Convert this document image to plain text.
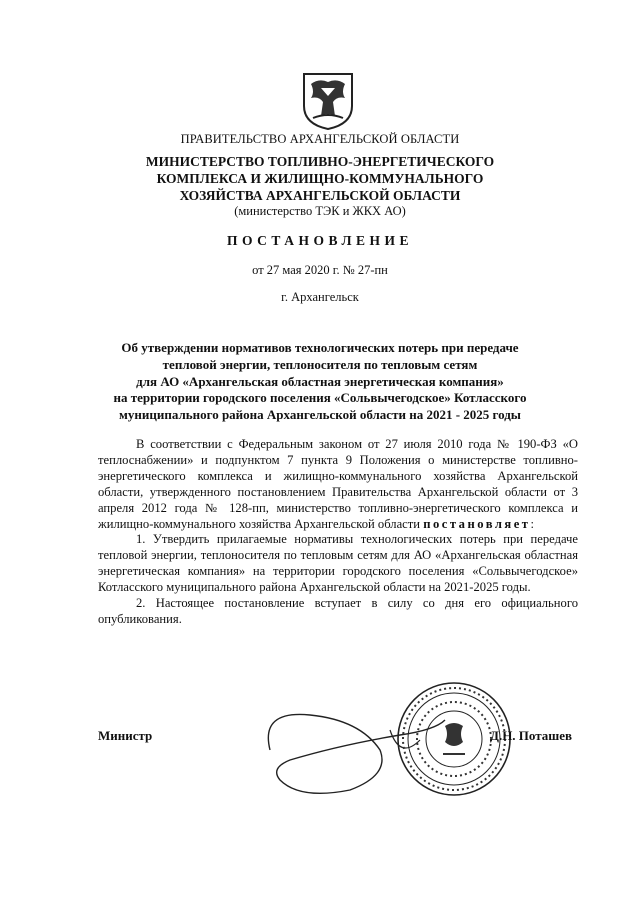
ПРАВИТЕЛЬСТВО АРХАНГЕЛЬСКОЙ ОБЛАСТИ
МИНИСТЕРСТВО ТОПЛИВНО-ЭНЕРГЕТИЧЕСКОГО
КОМПЛЕКСА И ЖИЛИЩНО-КОММУНАЛЬНОГО
ХОЗЯЙСТВА АРХАНГЕЛЬСКОЙ ОБЛАСТИ
(министерство ТЭК и ЖКХ АО)
ПОСТАНОВЛЕНИЕ
от 27 мая 2020 г. № 27-пн
г. Архангельск
Об утверждении нормативов технологических потерь при передаче
тепловой энергии, теплоносителя по тепловым сетям
для АО «Архангельская областная энергетическая компания»
на территории городского поселения «Сольвычегодское» Котласского
муниципального района Архангельской области на 2021 - 2025 годы

В соответствии с Федеральным законом от 27 июля 2010 года № 190-ФЗ «О теплоснабжении» и подпунктом 7 пункта 9 Положения о министерстве топливно-энергетического комплекса и жилищно-коммунального хозяйства Архангельской области, утвержденного постановлением Правительства Архангельской области от 3 апреля 2012 года № 128-пп, министерство топливно-энергетического комплекса и жилищно-коммунального хозяйства Архангельской области постановляет:

1. Утвердить прилагаемые нормативы технологических потерь при передаче тепловой энергии, теплоносителя по тепловым сетям для АО «Архангельская областная энергетическая компания» на территории городского поселения «Сольвычегодское» Котласского муниципального района Архангельской области на 2021-2025 годы.

2. Настоящее постановление вступает в силу со дня его официального опубликования.

Министр	Д.Н. Поташев
